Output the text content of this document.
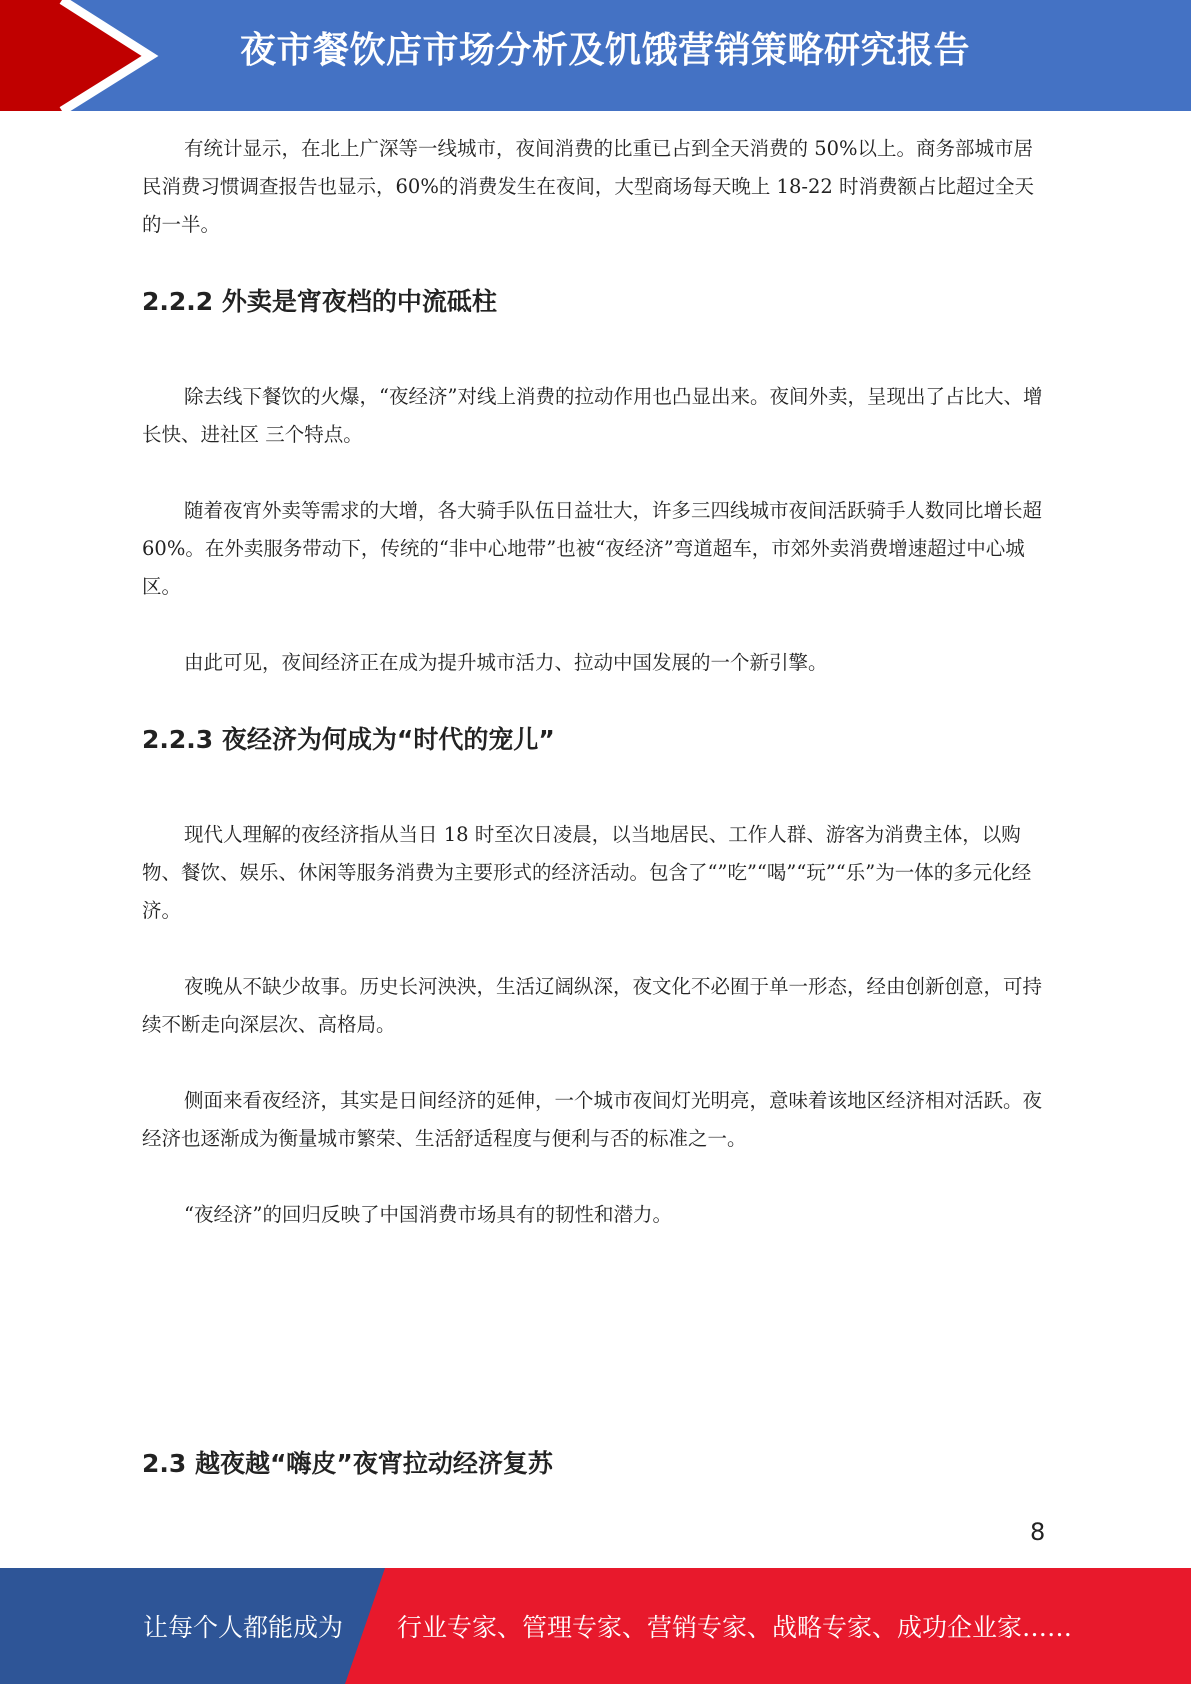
夜市餐饮店市场分析及饥饿营销策略研究报告

有统计显示，在北上广深等一线城市，夜间消费的比重已占到全天消费的 50%以上。商务部城市居民消费习惯调查报告也显示，60%的消费发生在夜间，大型商场每天晚上 18-22 时消费额占比超过全天的一半。

2.2.2 外卖是宵夜档的中流砥柱

除去线下餐饮的火爆，“夜经济”对线上消费的拉动作用也凸显出来。夜间外卖，呈现出了占比大、增长快、进社区 三个特点。

随着夜宵外卖等需求的大增，各大骑手队伍日益壮大，许多三四线城市夜间活跃骑手人数同比增长超 60%。在外卖服务带动下，传统的“非中心地带”也被“夜经济”弯道超车，市郊外卖消费增速超过中心城区。

由此可见，夜间经济正在成为提升城市活力、拉动中国发展的一个新引擎。

2.2.3 夜经济为何成为“时代的宠儿”

现代人理解的夜经济指从当日 18 时至次日凌晨，以当地居民、工作人群、游客为消费主体，以购物、餐饮、娱乐、休闲等服务消费为主要形式的经济活动。包含了“”吃”“喝”“玩”“乐”为一体的多元化经济。

夜晚从不缺少故事。历史长河泱泱，生活辽阔纵深，夜文化不必囿于单一形态，经由创新创意，可持续不断走向深层次、高格局。

侧面来看夜经济，其实是日间经济的延伸，一个城市夜间灯光明亮，意味着该地区经济相对活跃。夜经济也逐渐成为衡量城市繁荣、生活舒适程度与便利与否的标准之一。

“夜经济”的回归反映了中国消费市场具有的韧性和潜力。

2.3 越夜越“嗨皮”夜宵拉动经济复苏
8
让每个人都能成为 行业专家、管理专家、营销专家、战略专家、成功企业家……
